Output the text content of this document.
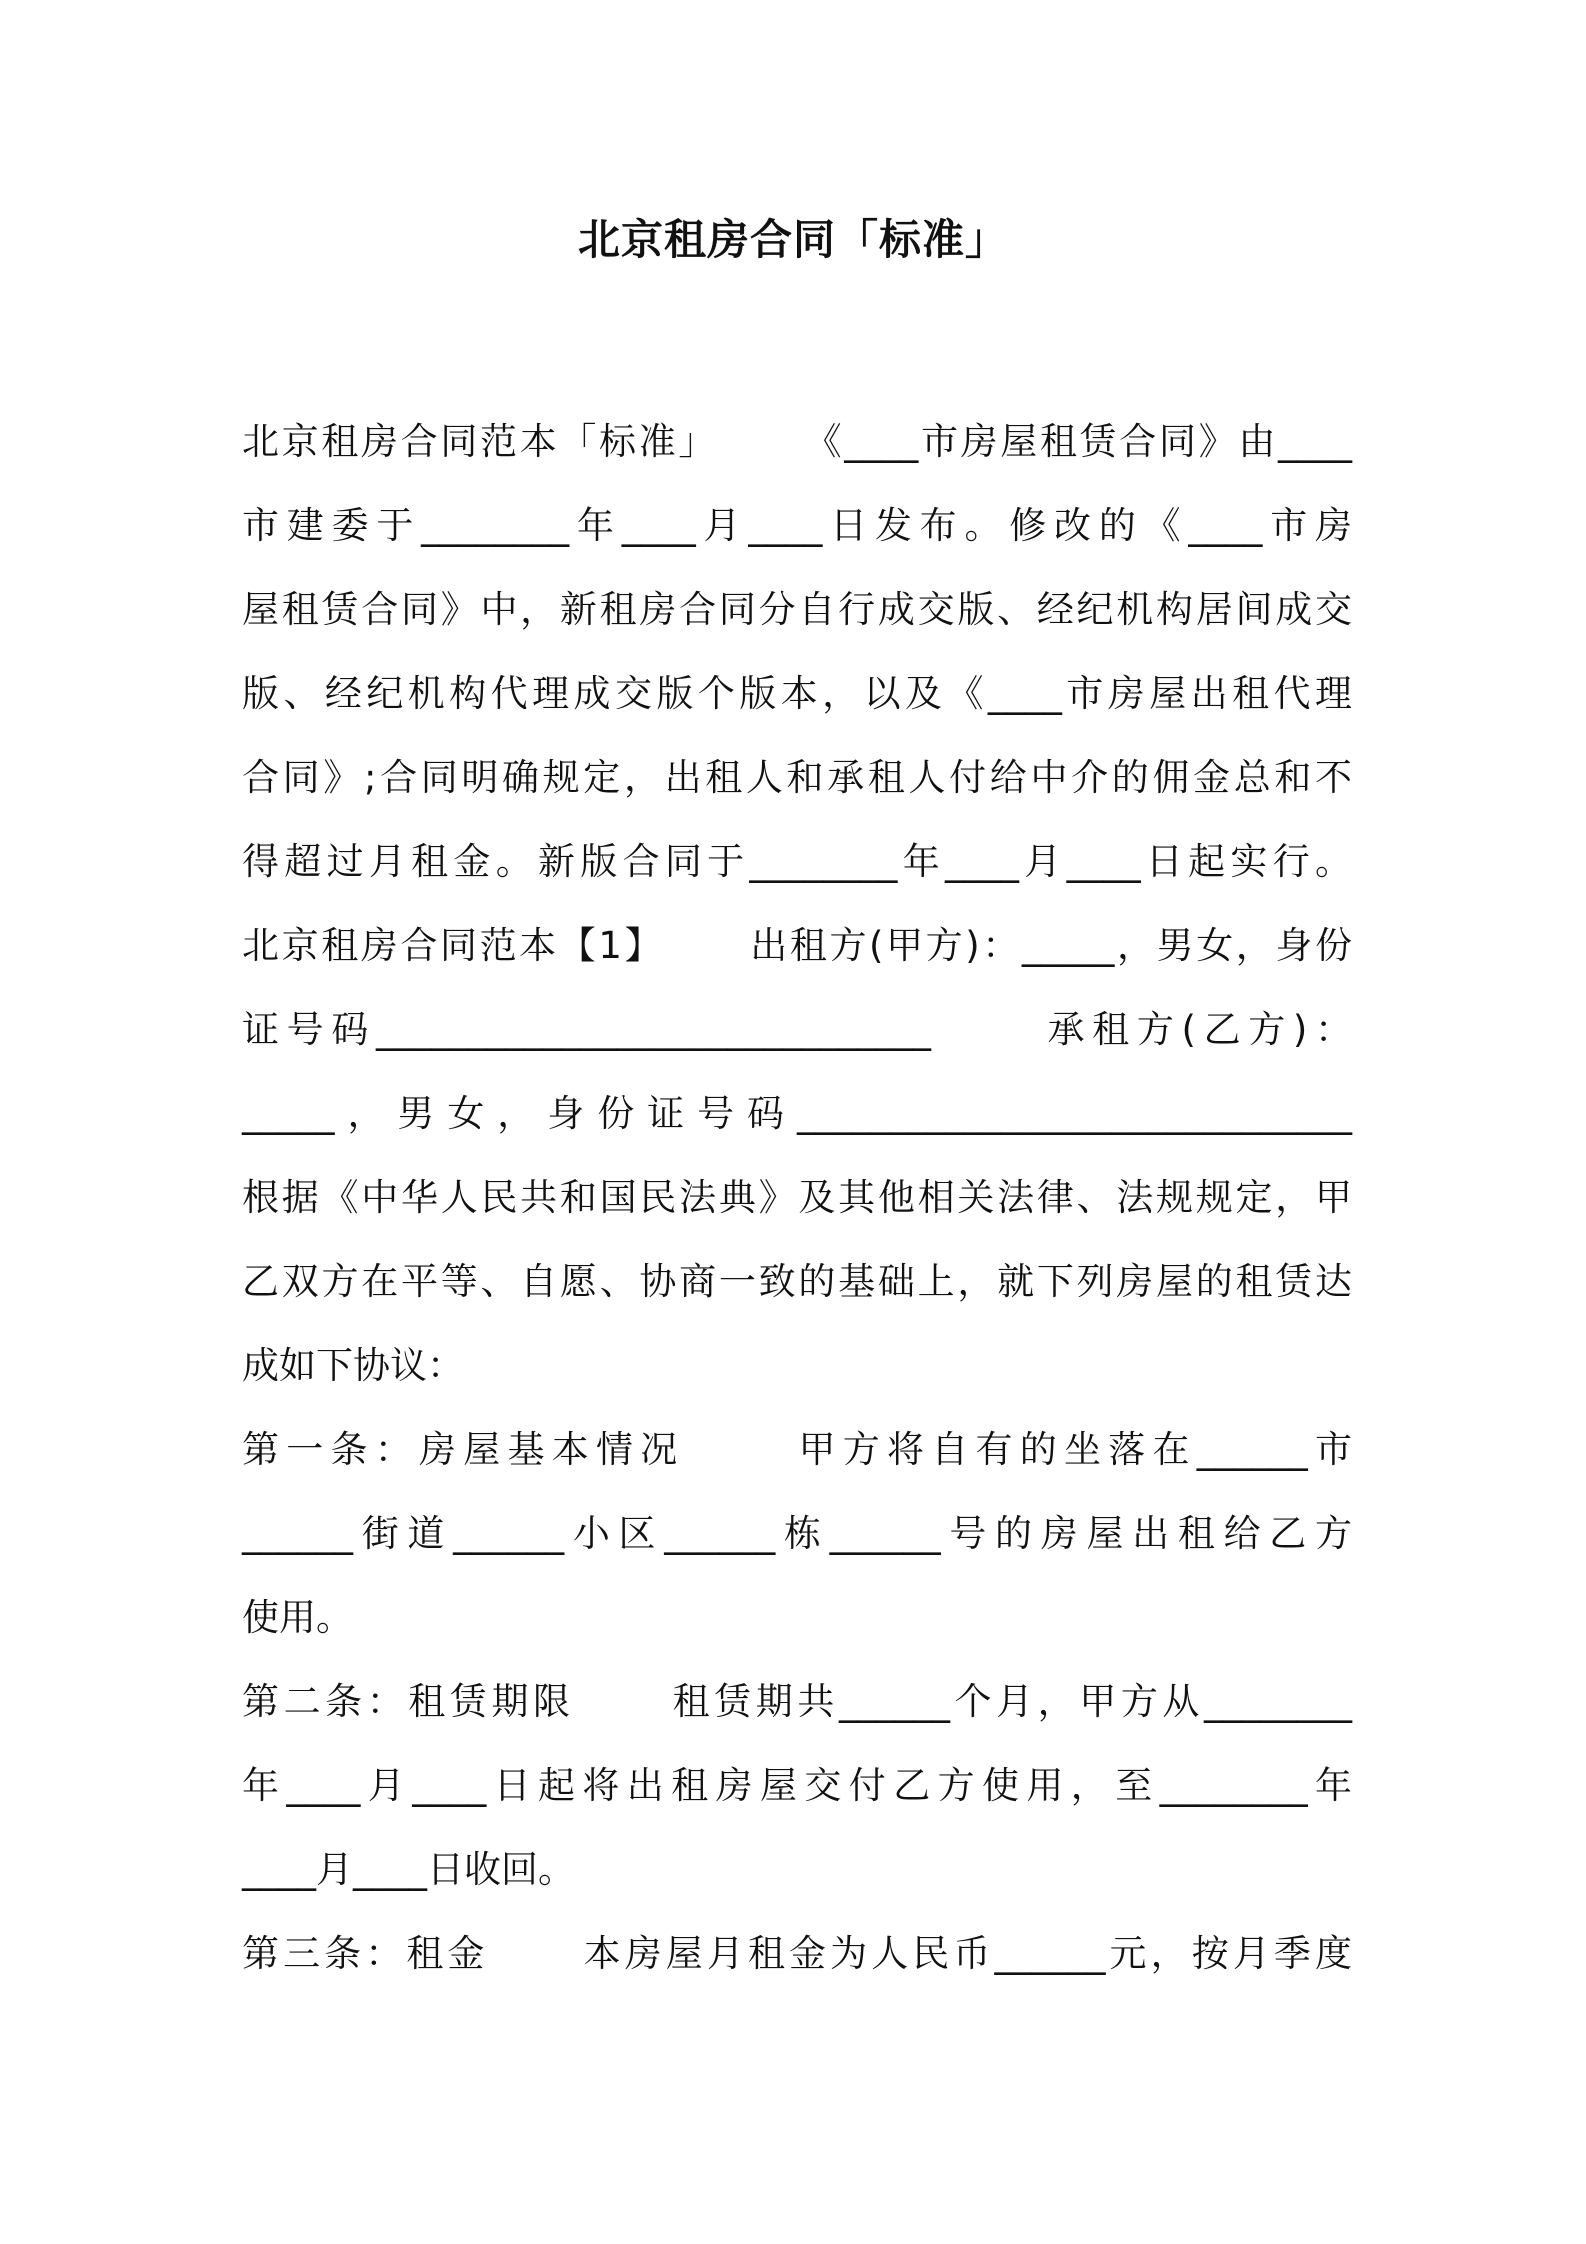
北京租房合同「标准」
北京租房合同范本「标准」      《____市房屋租赁合同》由____
市建委于________年____月____日发布。修改的《____市房
屋租赁合同》中，新租房合同分自行成交版、经纪机构居间成交
版、经纪机构代理成交版个版本，以及《____市房屋出租代理
合同》;合同明确规定，出租人和承租人付给中介的佣金总和不
得超过月租金。新版合同于________年____月____日起实行。
北京租房合同范本【1】      出租方(甲方)：_____，男女，身份
证号码______________________________      承租方(乙方)：
_____，男女，身份证号码______________________________
根据《中华人民共和国民法典》及其他相关法律、法规规定，甲
乙双方在平等、自愿、协商一致的基础上，就下列房屋的租赁达
成如下协议：
第一条：房屋基本情况      甲方将自有的坐落在______市
______街道______小区______栋______号的房屋出租给乙方
使用。
第二条：租赁期限      租赁期共______个月，甲方从________
年____月____日起将出租房屋交付乙方使用，至________年
____月____日收回。
第三条：租金      本房屋月租金为人民币______元，按月季度
